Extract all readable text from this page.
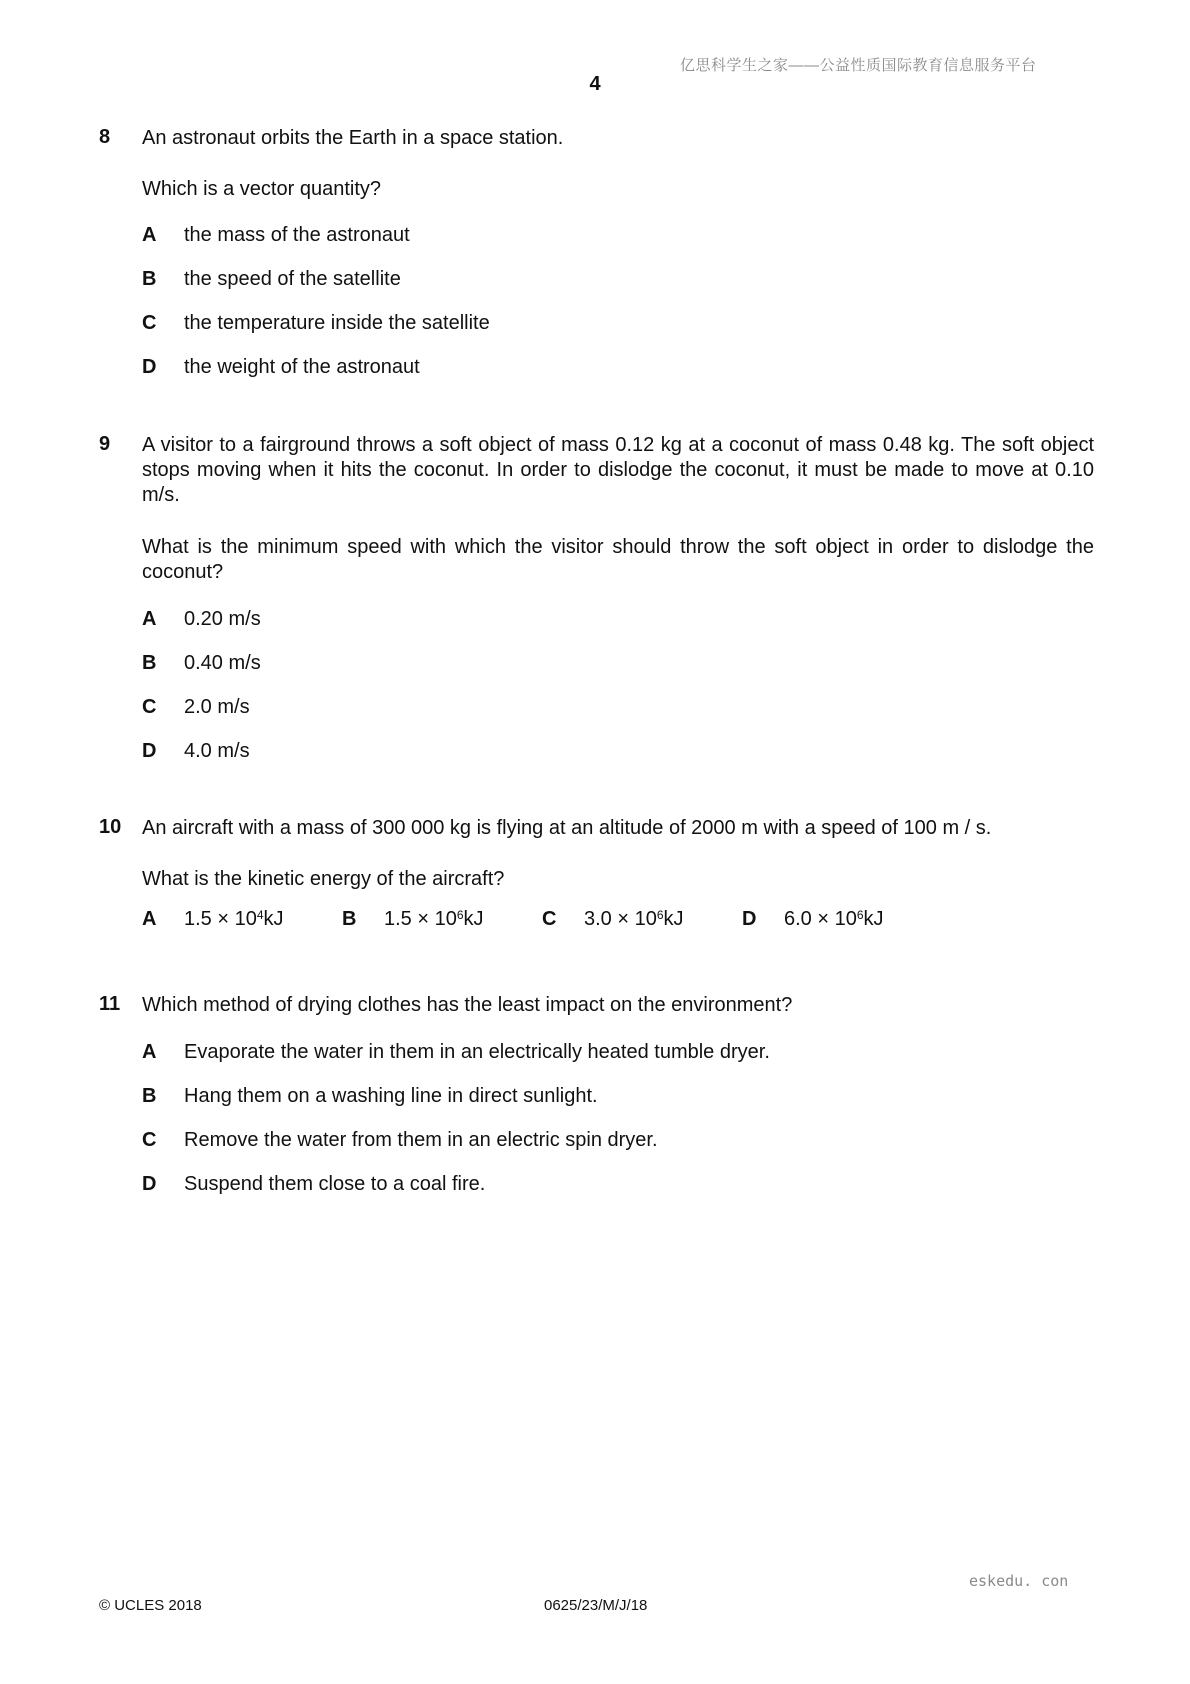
亿思科学生之家——公益性质国际教育信息服务平台
4
8 An astronaut orbits the Earth in a space station.
Which is a vector quantity?
A the mass of the astronaut
B the speed of the satellite
C the temperature inside the satellite
D the weight of the astronaut
9 A visitor to a fairground throws a soft object of mass 0.12 kg at a coconut of mass 0.48 kg. The soft object stops moving when it hits the coconut. In order to dislodge the coconut, it must be made to move at 0.10 m/s.
What is the minimum speed with which the visitor should throw the soft object in order to dislodge the coconut?
A 0.20 m/s
B 0.40 m/s
C 2.0 m/s
D 4.0 m/s
10 An aircraft with a mass of 300 000 kg is flying at an altitude of 2000 m with a speed of 100 m / s.
What is the kinetic energy of the aircraft?
A	1.5 × 10 4 kJ	B	1.5 × 10 6 kJ	C	3.0 × 10 6 kJ	D	6.0 × 10 6 kJ
11 Which method of drying clothes has the least impact on the environment?
A Evaporate the water in them in an electrically heated tumble dryer.
B Hang them on a washing line in direct sunlight.
C Remove the water from them in an electric spin dryer.
D Suspend them close to a coal fire.
eskedu. con
© UCLES 2018	0625/23/M/J/18
